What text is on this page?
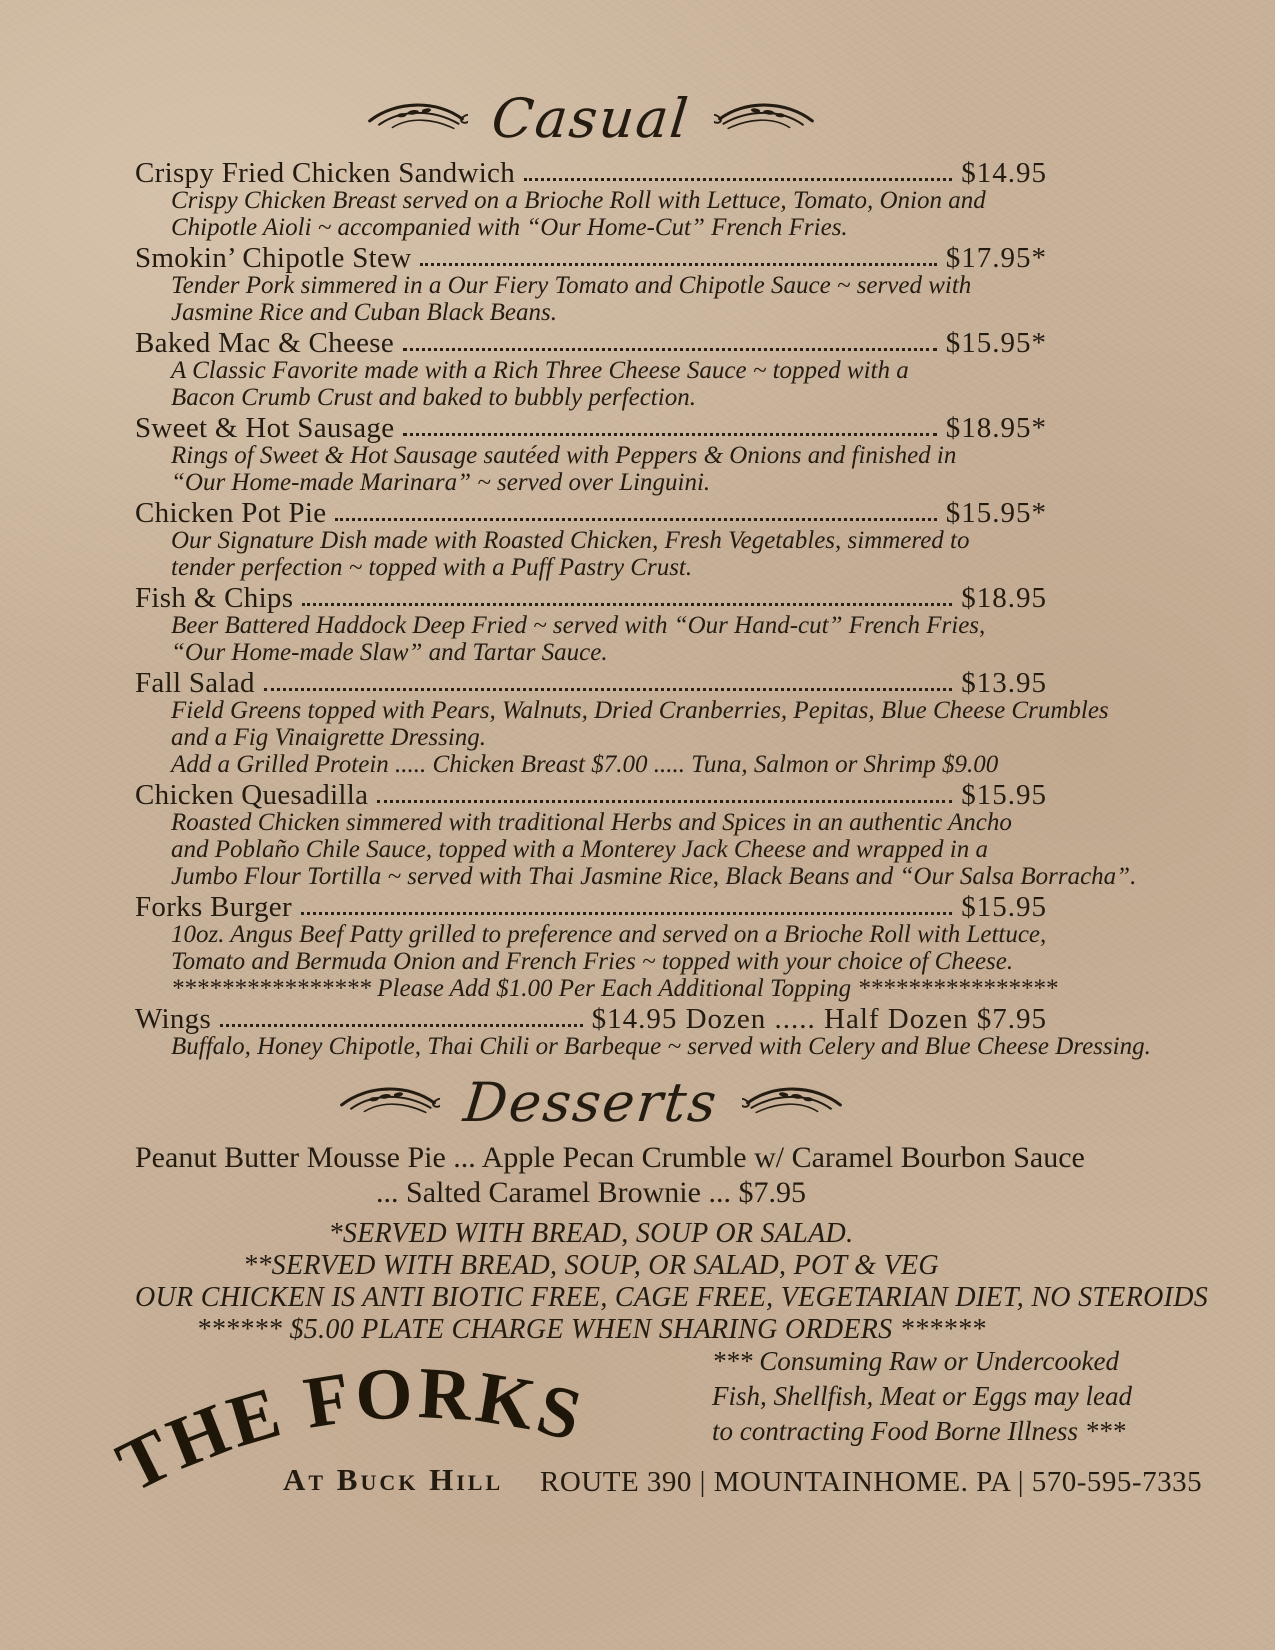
Casual
Crispy Fried Chicken Sandwich	$14.95
Crispy Chicken Breast served on a Brioche Roll with Lettuce, Tomato, Onion and
Chipotle Aioli ~ accompanied with “Our Home-Cut” French Fries.
Smokin’ Chipotle Stew	$17.95*
Tender Pork simmered in a Our Fiery Tomato and Chipotle Sauce ~ served with
Jasmine Rice and Cuban Black Beans.
Baked Mac & Cheese	$15.95*
A Classic Favorite made with a Rich Three Cheese Sauce ~ topped with a
Bacon Crumb Crust and baked to bubbly perfection.
Sweet & Hot Sausage	$18.95*
Rings of Sweet & Hot Sausage sautéed with Peppers & Onions and finished in
“Our Home-made Marinara” ~ served over Linguini.
Chicken Pot Pie	$15.95*
Our Signature Dish made with Roasted Chicken, Fresh Vegetables, simmered to
tender perfection ~ topped with a Puff Pastry Crust.
Fish & Chips	$18.95
Beer Battered Haddock Deep Fried ~ served with “Our Hand-cut” French Fries,
“Our Home-made Slaw” and Tartar Sauce.
Fall Salad	$13.95
Field Greens topped with Pears, Walnuts, Dried Cranberries, Pepitas, Blue Cheese Crumbles
and a Fig Vinaigrette Dressing.
Add a Grilled Protein ..... Chicken Breast $7.00 ..... Tuna, Salmon or Shrimp $9.00
Chicken Quesadilla	$15.95
Roasted Chicken simmered with traditional Herbs and Spices in an authentic Ancho
and Poblaño Chile Sauce, topped with a Monterey Jack Cheese and wrapped in a
Jumbo Flour Tortilla ~ served with Thai Jasmine Rice, Black Beans and “Our Salsa Borracha”.
Forks Burger	$15.95
10oz. Angus Beef Patty grilled to preference and served on a Brioche Roll with Lettuce,
Tomato and Bermuda Onion and French Fries ~ topped with your choice of Cheese.
**************** Please Add $1.00 Per Each Additional Topping ****************
Wings	$14.95 Dozen ..... Half Dozen $7.95
Buffalo, Honey Chipotle, Thai Chili or Barbeque ~ served with Celery and Blue Cheese Dressing.
Desserts
Peanut Butter Mousse Pie ... Apple Pecan Crumble w/ Caramel Bourbon Sauce
... Salted Caramel Brownie ... $7.95
*SERVED WITH BREAD, SOUP OR SALAD.
**SERVED WITH BREAD, SOUP, OR SALAD, POT & VEG
OUR CHICKEN IS ANTI BIOTIC FREE, CAGE FREE, VEGETARIAN DIET, NO STEROIDS
****** $5.00 PLATE CHARGE WHEN SHARING ORDERS ******
THE FORKS
At Buck Hill
*** Consuming Raw or Undercooked
Fish, Shellfish, Meat or Eggs may lead
to contracting Food Borne Illness ***
ROUTE 390 | MOUNTAINHOME. PA | 570-595-7335
